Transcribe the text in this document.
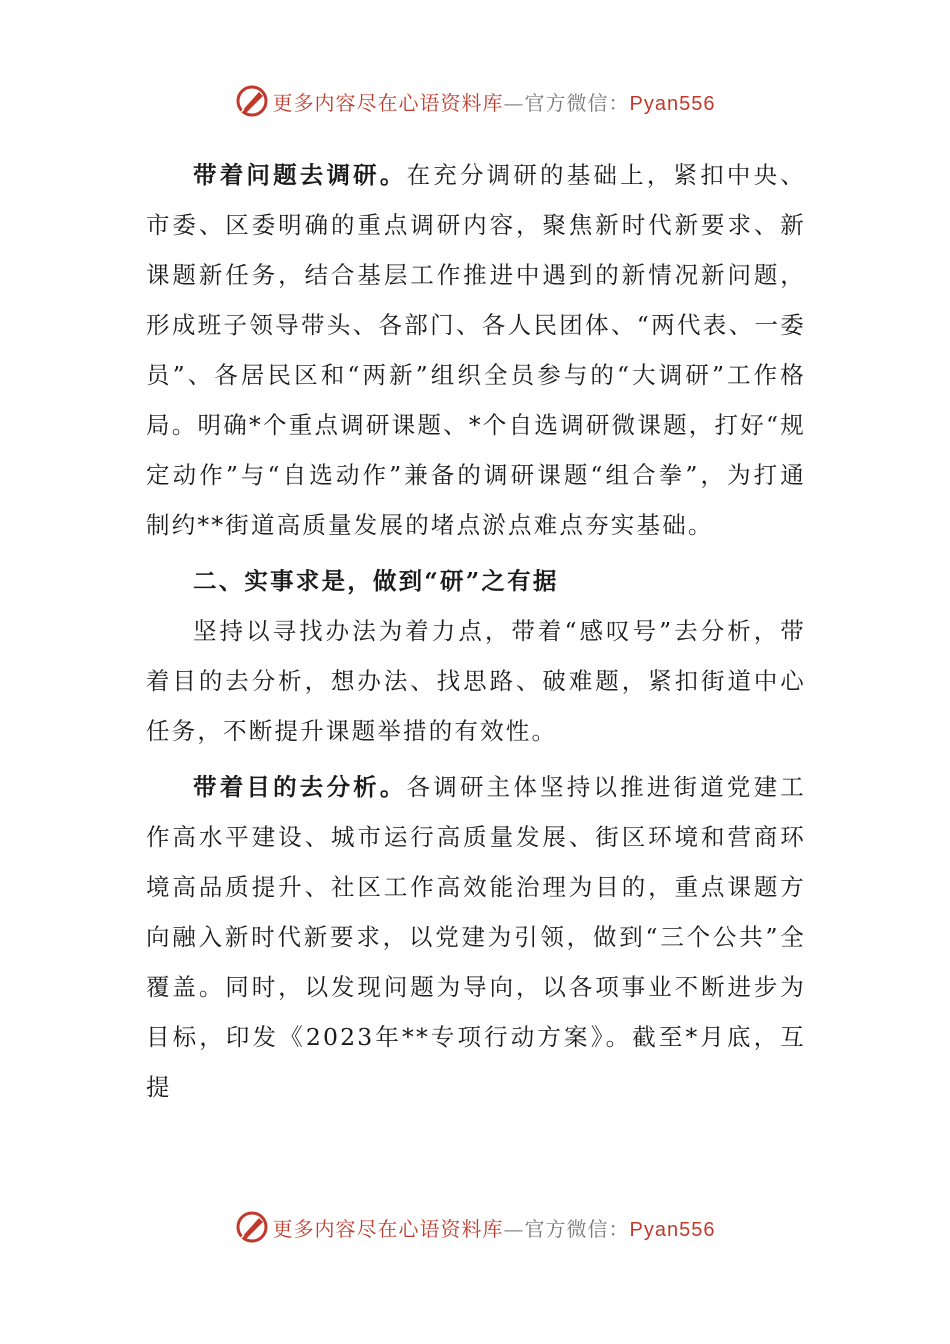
更多内容尽在心语资料库—官方微信：Pyan556

带着问题去调研。在充分调研的基础上，紧扣中央、市委、区委明确的重点调研内容，聚焦新时代新要求、新课题新任务，结合基层工作推进中遇到的新情况新问题，形成班子领导带头、各部门、各人民团体、“两代表、一委员”、各居民区和“两新”组织全员参与的“大调研”工作格局。明确*个重点调研课题、*个自选调研微课题，打好“规定动作”与“自选动作”兼备的调研课题“组合拳”，为打通制约**街道高质量发展的堵点淤点难点夯实基础。

二、实事求是，做到“研”之有据

坚持以寻找办法为着力点，带着“感叹号”去分析，带着目的去分析，想办法、找思路、破难题，紧扣街道中心任务，不断提升课题举措的有效性。

带着目的去分析。各调研主体坚持以推进街道党建工作高水平建设、城市运行高质量发展、街区环境和营商环境高品质提升、社区工作高效能治理为目的，重点课题方向融入新时代新要求，以党建为引领，做到“三个公共”全覆盖。同时，以发现问题为导向，以各项事业不断进步为目标，印发《2023年**专项行动方案》。截至*月底，互提

更多内容尽在心语资料库—官方微信：Pyan556
